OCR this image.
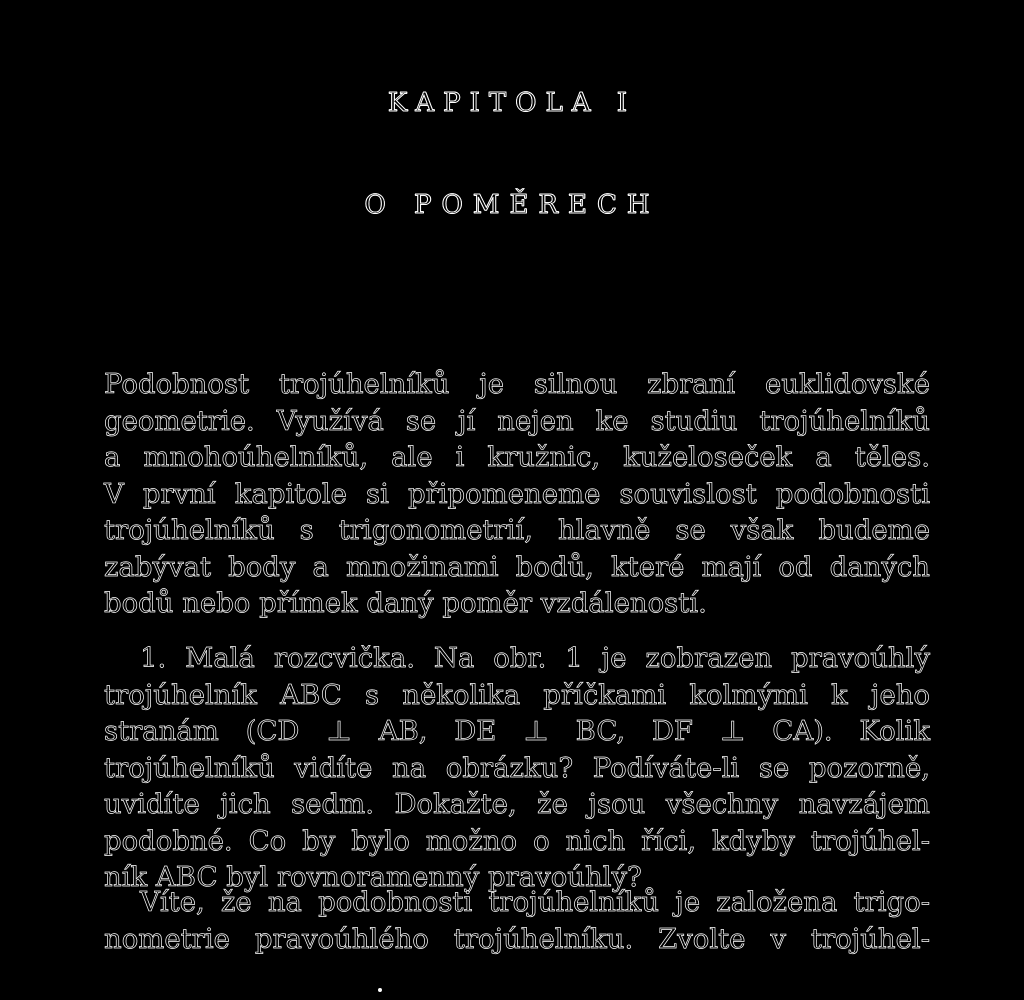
KAPITOLA I
O POMĚRECH
Podobnost trojúhelníků je silnou zbraní euklidovské
geometrie. Využívá se jí nejen ke studiu trojúhelníků
a mnohoúhelníků, ale i kružnic, kuželoseček a těles.
V první kapitole si připomeneme souvislost podobnosti
trojúhelníků s trigonometrií, hlavně se však budeme
zabývat body a množinami bodů, které mají od daných
bodů nebo přímek daný poměr vzdáleností.
1. Malá rozcvička. Na obr. 1 je zobrazen pravoúhlý
trojúhelník ABC s několika příčkami kolmými k jeho
stranám (CD ⊥ AB, DE ⊥ BC, DF ⊥ CA). Kolik
trojúhelníků vidíte na obrázku? Podíváte-li se pozorně,
uvidíte jich sedm. Dokažte, že jsou všechny navzájem
podobné. Co by bylo možno o nich říci, kdyby trojúhel-
ník ABC byl rovnoramenný pravoúhlý?
Víte, že na podobnosti trojúhelníků je založena trigo-
nometrie pravoúhlého trojúhelníku. Zvolte v trojúhel-
